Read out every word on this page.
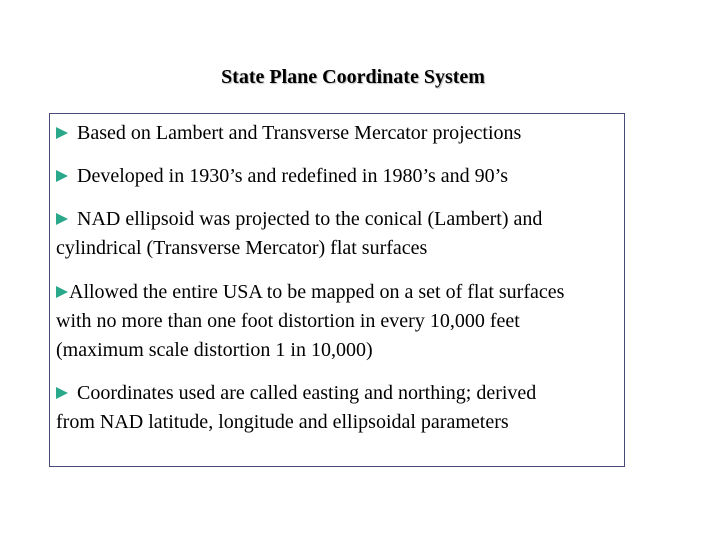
State Plane Coordinate System
Based on Lambert and Transverse Mercator projections
Developed in 1930’s and redefined in 1980’s and 90’s
NAD ellipsoid was projected to the conical (Lambert) and cylindrical (Transverse Mercator) flat surfaces
Allowed the entire USA to be mapped on a set of flat surfaces with no more than one foot distortion in every 10,000 feet (maximum scale distortion 1 in 10,000)
Coordinates used are called easting and northing; derived from NAD latitude, longitude and ellipsoidal parameters
